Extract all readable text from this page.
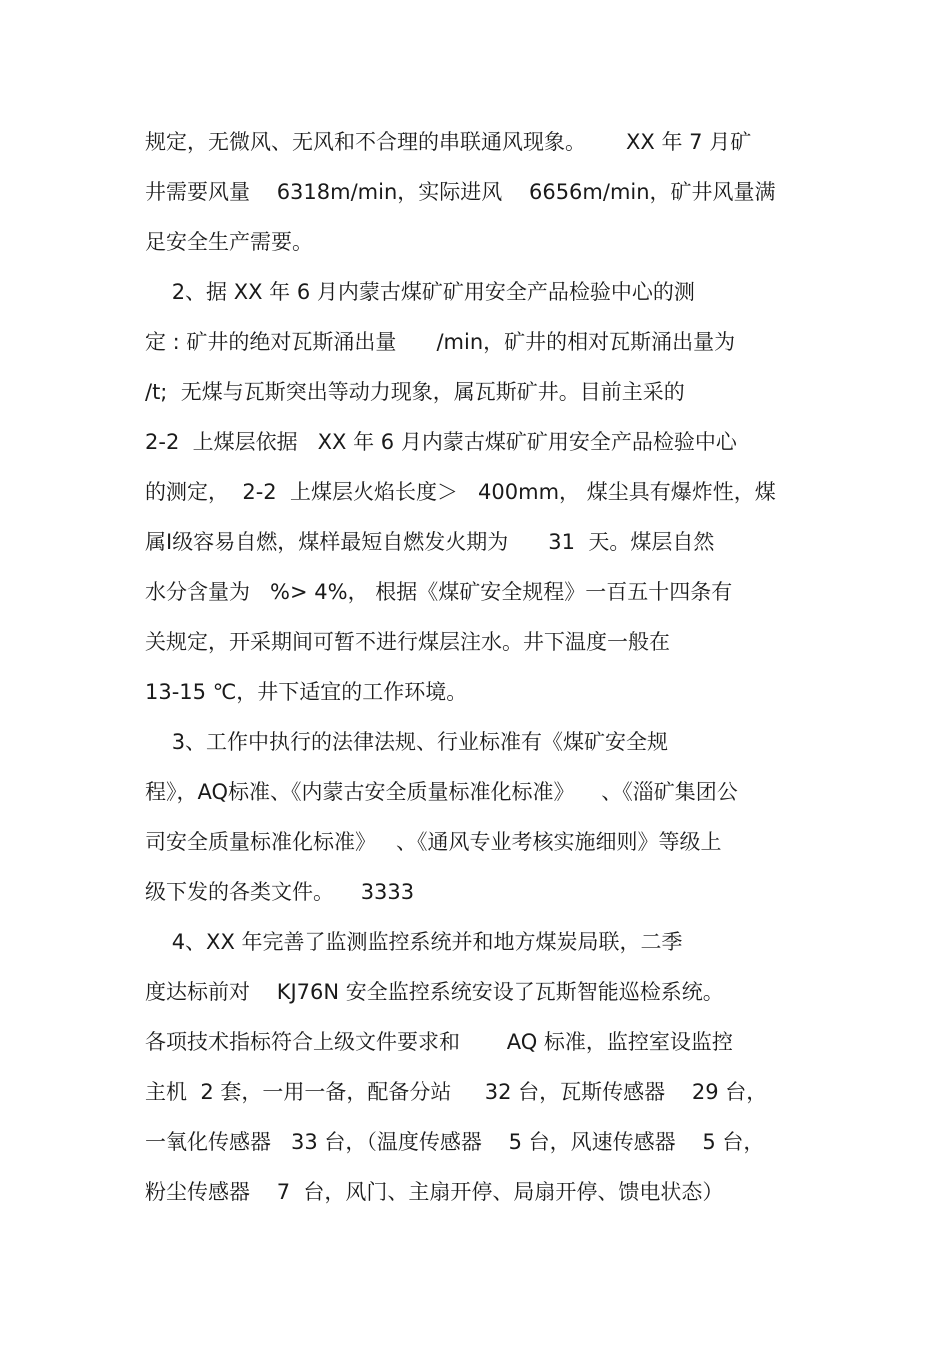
规定，无微风、无风和不合理的串联通风现象。      XX 年 7 月矿
井需要风量    6318m/min，实际进风    6656m/min，矿井风量满
足安全生产需要。
2、据 XX 年 6 月内蒙古煤矿矿用安全产品检验中心的测
定 : 矿井的绝对瓦斯涌出量      /min，矿井的相对瓦斯涌出量为
/t;  无煤与瓦斯突出等动力现象，属瓦斯矿井。目前主采的
2-2  上煤层依据   XX 年 6 月内蒙古煤矿矿用安全产品检验中心
的测定，  2-2  上煤层火焰长度＞   400mm， 煤尘具有爆炸性，煤
属Ⅰ级容易自燃，煤样最短自燃发火期为      31  天。煤层自然
水分含量为   %> 4%， 根据《煤矿安全规程》一百五十四条有
关规定，开采期间可暂不进行煤层注水。井下温度一般在
13-15 ℃，井下适宜的工作环境。
3、工作中执行的法律法规、行业标准有《煤矿安全规
程》，AQ标准、《内蒙古安全质量标准化标准》    、《淄矿集团公
司安全质量标准化标准》   、《通风专业考核实施细则》等级上
级下发的各类文件。    3333
4、XX 年完善了监测监控系统并和地方煤炭局联，二季
度达标前对    KJ76N 安全监控系统安设了瓦斯智能巡检系统。
各项技术指标符合上级文件要求和       AQ 标准，监控室设监控
主机  2 套，一用一备，配备分站     32 台，瓦斯传感器    29 台，
一氧化传感器   33 台，（温度传感器    5 台，风速传感器    5 台，
粉尘传感器    7  台，风门、主扇开停、局扇开停、馈电状态）
